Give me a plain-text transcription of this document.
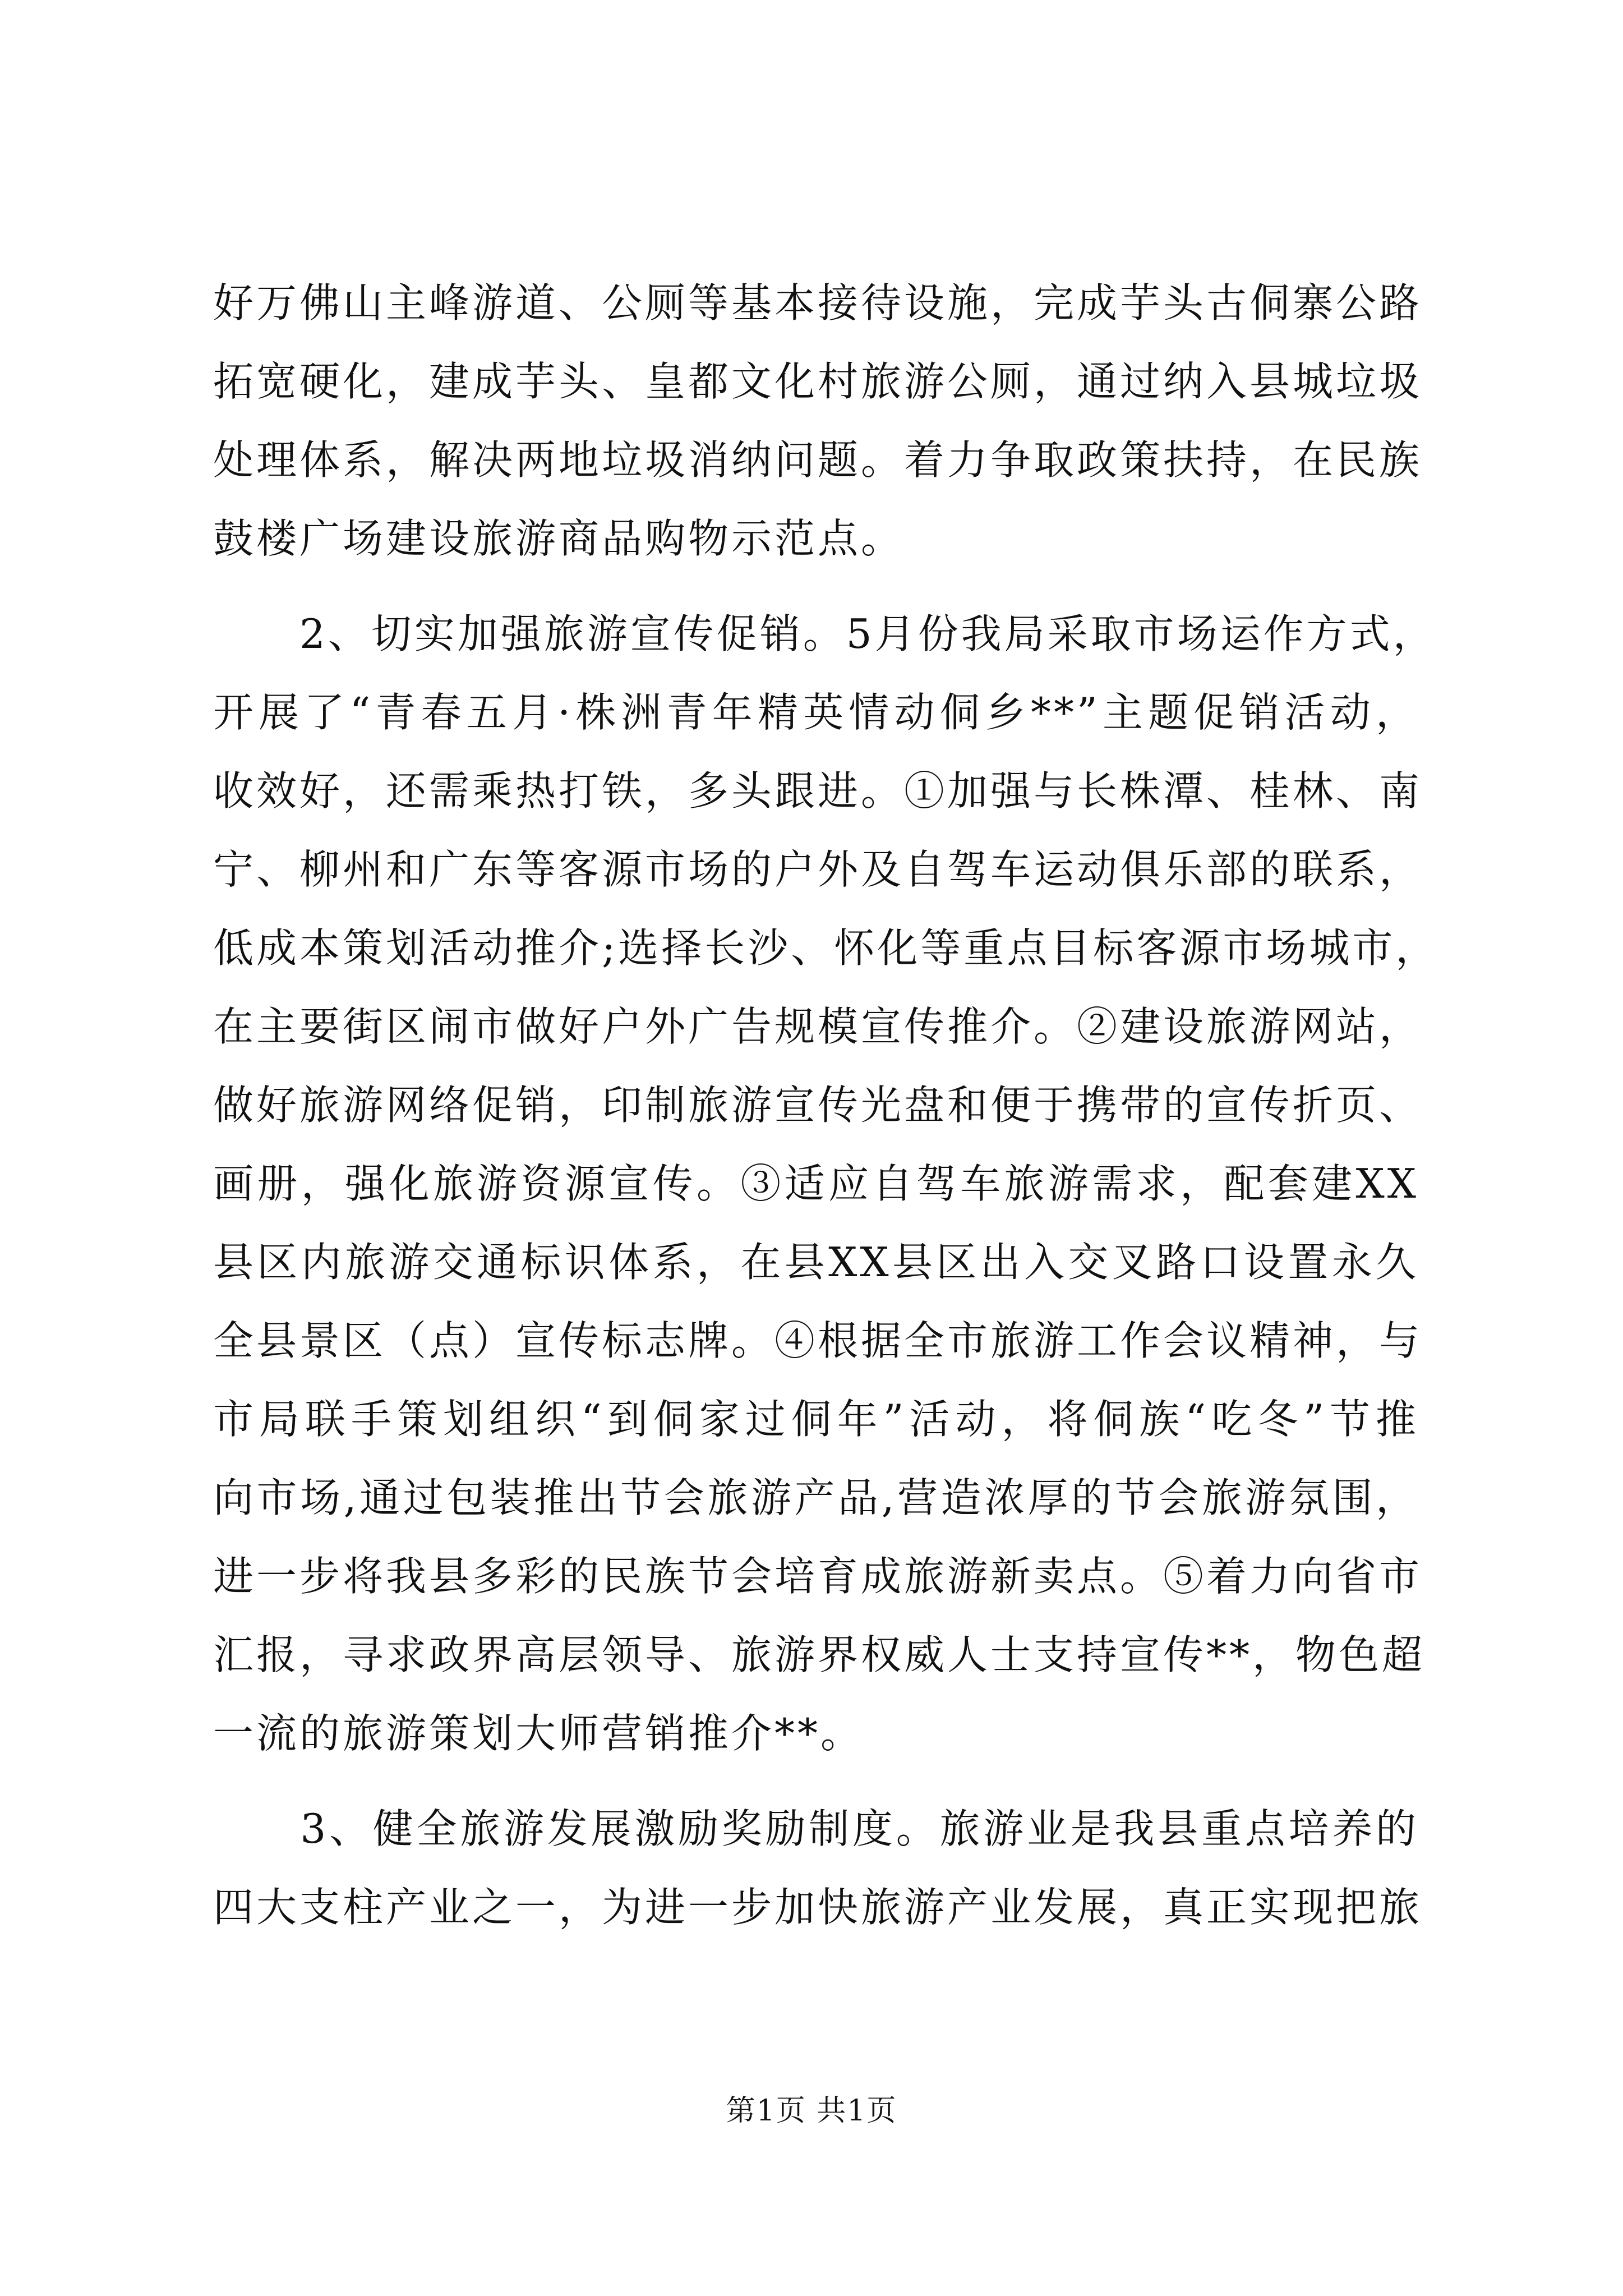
好万佛山主峰游道、公厕等基本接待设施，完成芋头古侗寨公路
拓宽硬化，建成芋头、皇都文化村旅游公厕，通过纳入县城垃圾
处理体系，解决两地垃圾消纳问题。着力争取政策扶持，在民族
鼓楼广场建设旅游商品购物示范点。
　　2、切实加强旅游宣传促销。5月份我局采取市场运作方式，
开展了“青春五月·株洲青年精英情动侗乡**”主题促销活动，
收效好，还需乘热打铁，多头跟进。①加强与长株潭、桂林、南
宁、柳州和广东等客源市场的户外及自驾车运动俱乐部的联系，
低成本策划活动推介;选择长沙、怀化等重点目标客源市场城市，
在主要街区闹市做好户外广告规模宣传推介。②建设旅游网站，
做好旅游网络促销，印制旅游宣传光盘和便于携带的宣传折页、
画册，强化旅游资源宣传。③适应自驾车旅游需求，配套建XX
县区内旅游交通标识体系，在县XX县区出入交叉路口设置永久
全县景区（点）宣传标志牌。④根据全市旅游工作会议精神，与
市局联手策划组织“到侗家过侗年”活动，将侗族“吃冬”节推
向市场,通过包装推出节会旅游产品,营造浓厚的节会旅游氛围，
进一步将我县多彩的民族节会培育成旅游新卖点。⑤着力向省市
汇报，寻求政界高层领导、旅游界权威人士支持宣传**，物色超
一流的旅游策划大师营销推介**。
　　3、健全旅游发展激励奖励制度。旅游业是我县重点培养的
四大支柱产业之一，为进一步加快旅游产业发展，真正实现把旅
第1页 共1页
